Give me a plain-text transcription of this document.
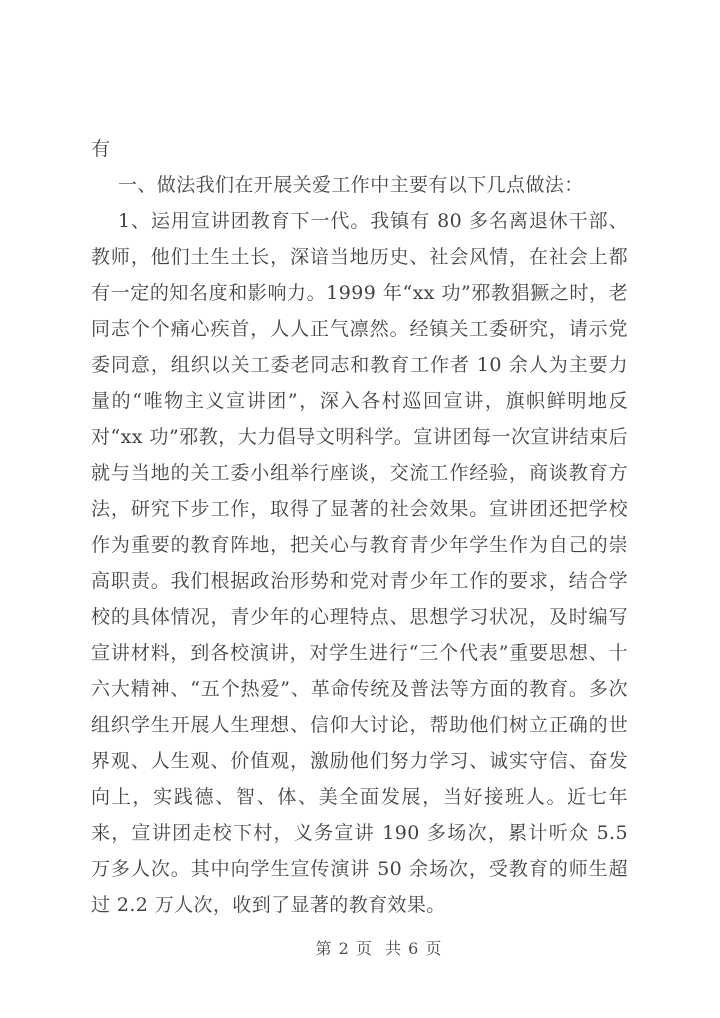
有

一、做法我们在开展关爱工作中主要有以下几点做法：

1、运用宣讲团教育下一代。我镇有 80 多名离退休干部、教师，他们土生土长，深谙当地历史、社会风情，在社会上都有一定的知名度和影响力。1999 年“xx 功”邪教猖獗之时，老同志个个痛心疾首，人人正气凛然。经镇关工委研究，请示党委同意，组织以关工委老同志和教育工作者 10 余人为主要力量的“唯物主义宣讲团”，深入各村巡回宣讲，旗帜鲜明地反对“xx 功”邪教，大力倡导文明科学。宣讲团每一次宣讲结束后就与当地的关工委小组举行座谈，交流工作经验，商谈教育方法，研究下步工作，取得了显著的社会效果。宣讲团还把学校作为重要的教育阵地，把关心与教育青少年学生作为自己的崇高职责。我们根据政治形势和党对青少年工作的要求，结合学校的具体情况，青少年的心理特点、思想学习状况，及时编写宣讲材料，到各校演讲，对学生进行“三个代表”重要思想、十六大精神、“五个热爱”、革命传统及普法等方面的教育。多次组织学生开展人生理想、信仰大讨论，帮助他们树立正确的世界观、人生观、价值观，激励他们努力学习、诚实守信、奋发向上，实践德、智、体、美全面发展，当好接班人。近七年来，宣讲团走校下村，义务宣讲 190 多场次，累计听众 5.5 万多人次。其中向学生宣传演讲 50 余场次，受教育的师生超过 2.2 万人次，收到了显著的教育效果。

第 2 页  共 6 页
